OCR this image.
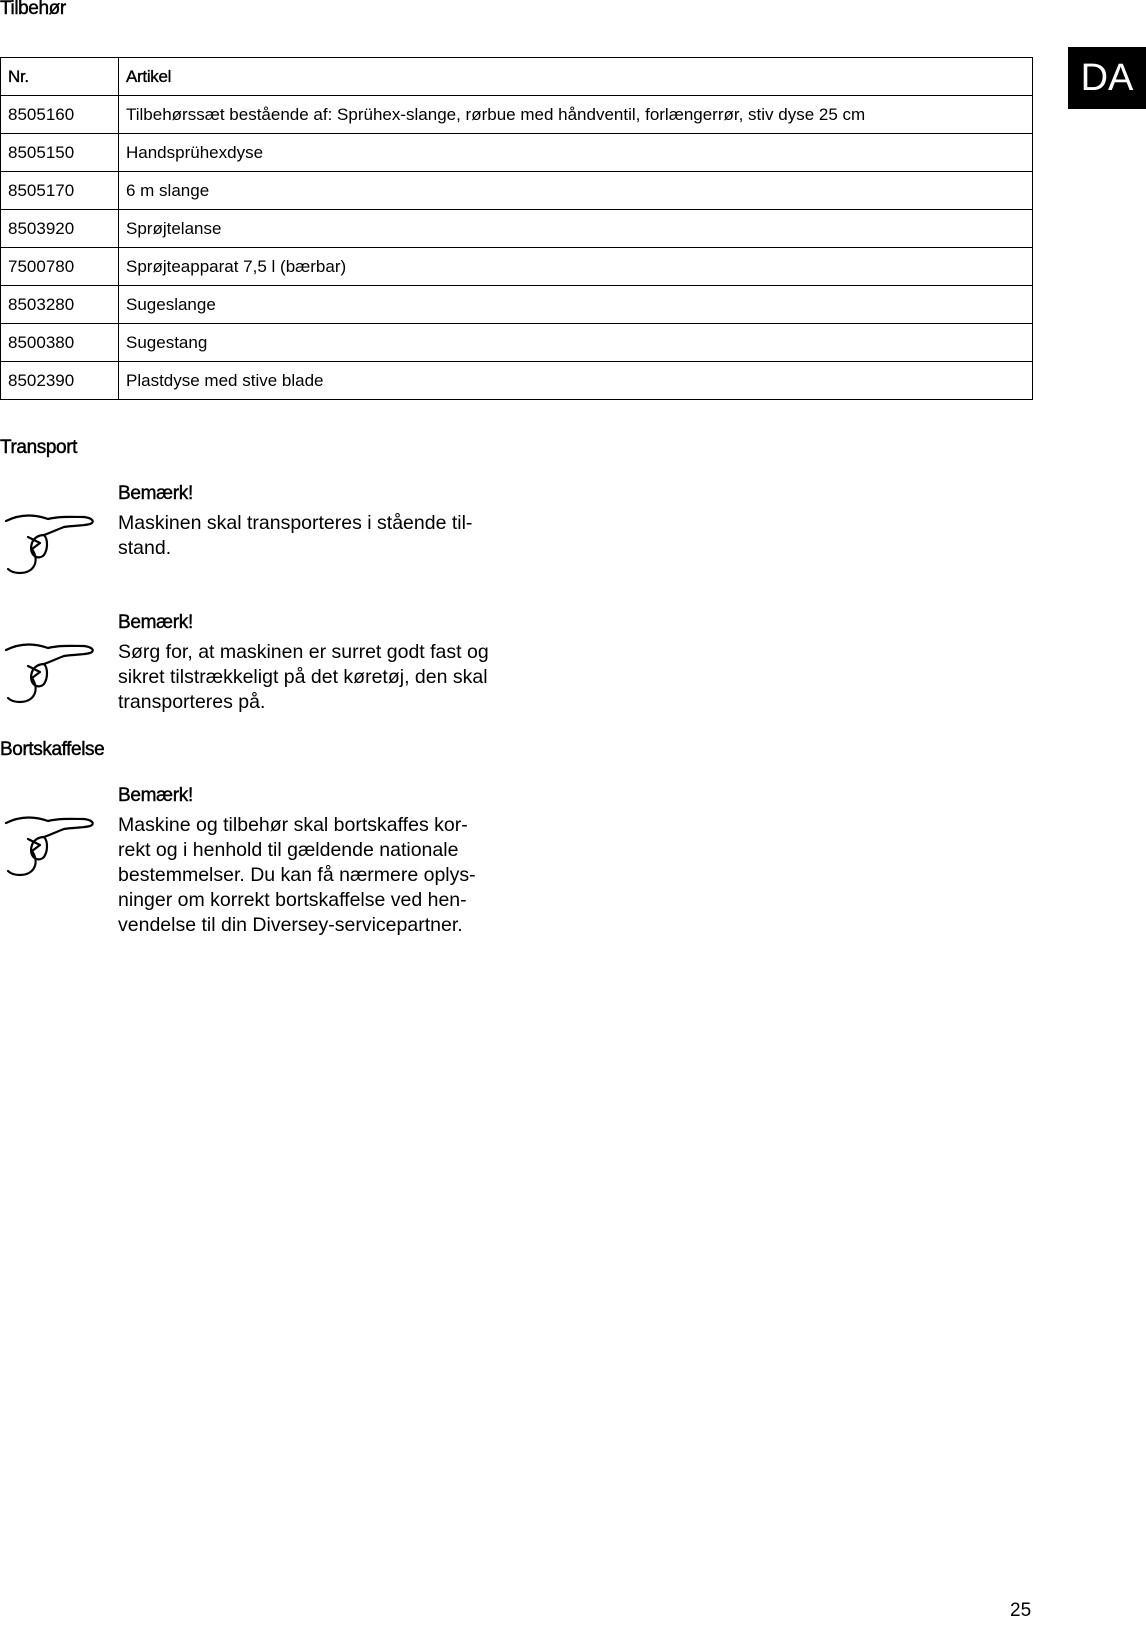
Tilbehør
DA
Nr.	Artikel
8505160	Tilbehørssæt bestående af: Sprühex-slange, rørbue med håndventil, forlængerrør, stiv dyse 25 cm
8505150	Handsprühexdyse
8505170	6 m slange
8503920	Sprøjtelanse
7500780	Sprøjteapparat 7,5 l (bærbar)
8503280	Sugeslange
8500380	Sugestang
8502390	Plastdyse med stive blade
Transport
Bemærk!

Maskinen skal transporteres i stående til-
stand.

Bemærk!

Sørg for, at maskinen er surret godt fast og
sikret tilstrækkeligt på det køretøj, den skal
transporteres på.

Bortskaffelse
Bemærk!

Maskine og tilbehør skal bortskaffes kor-
rekt og i henhold til gældende nationale
bestemmelser. Du kan få nærmere oplys-
ninger om korrekt bortskaffelse ved hen-
vendelse til din Diversey-servicepartner.

25
